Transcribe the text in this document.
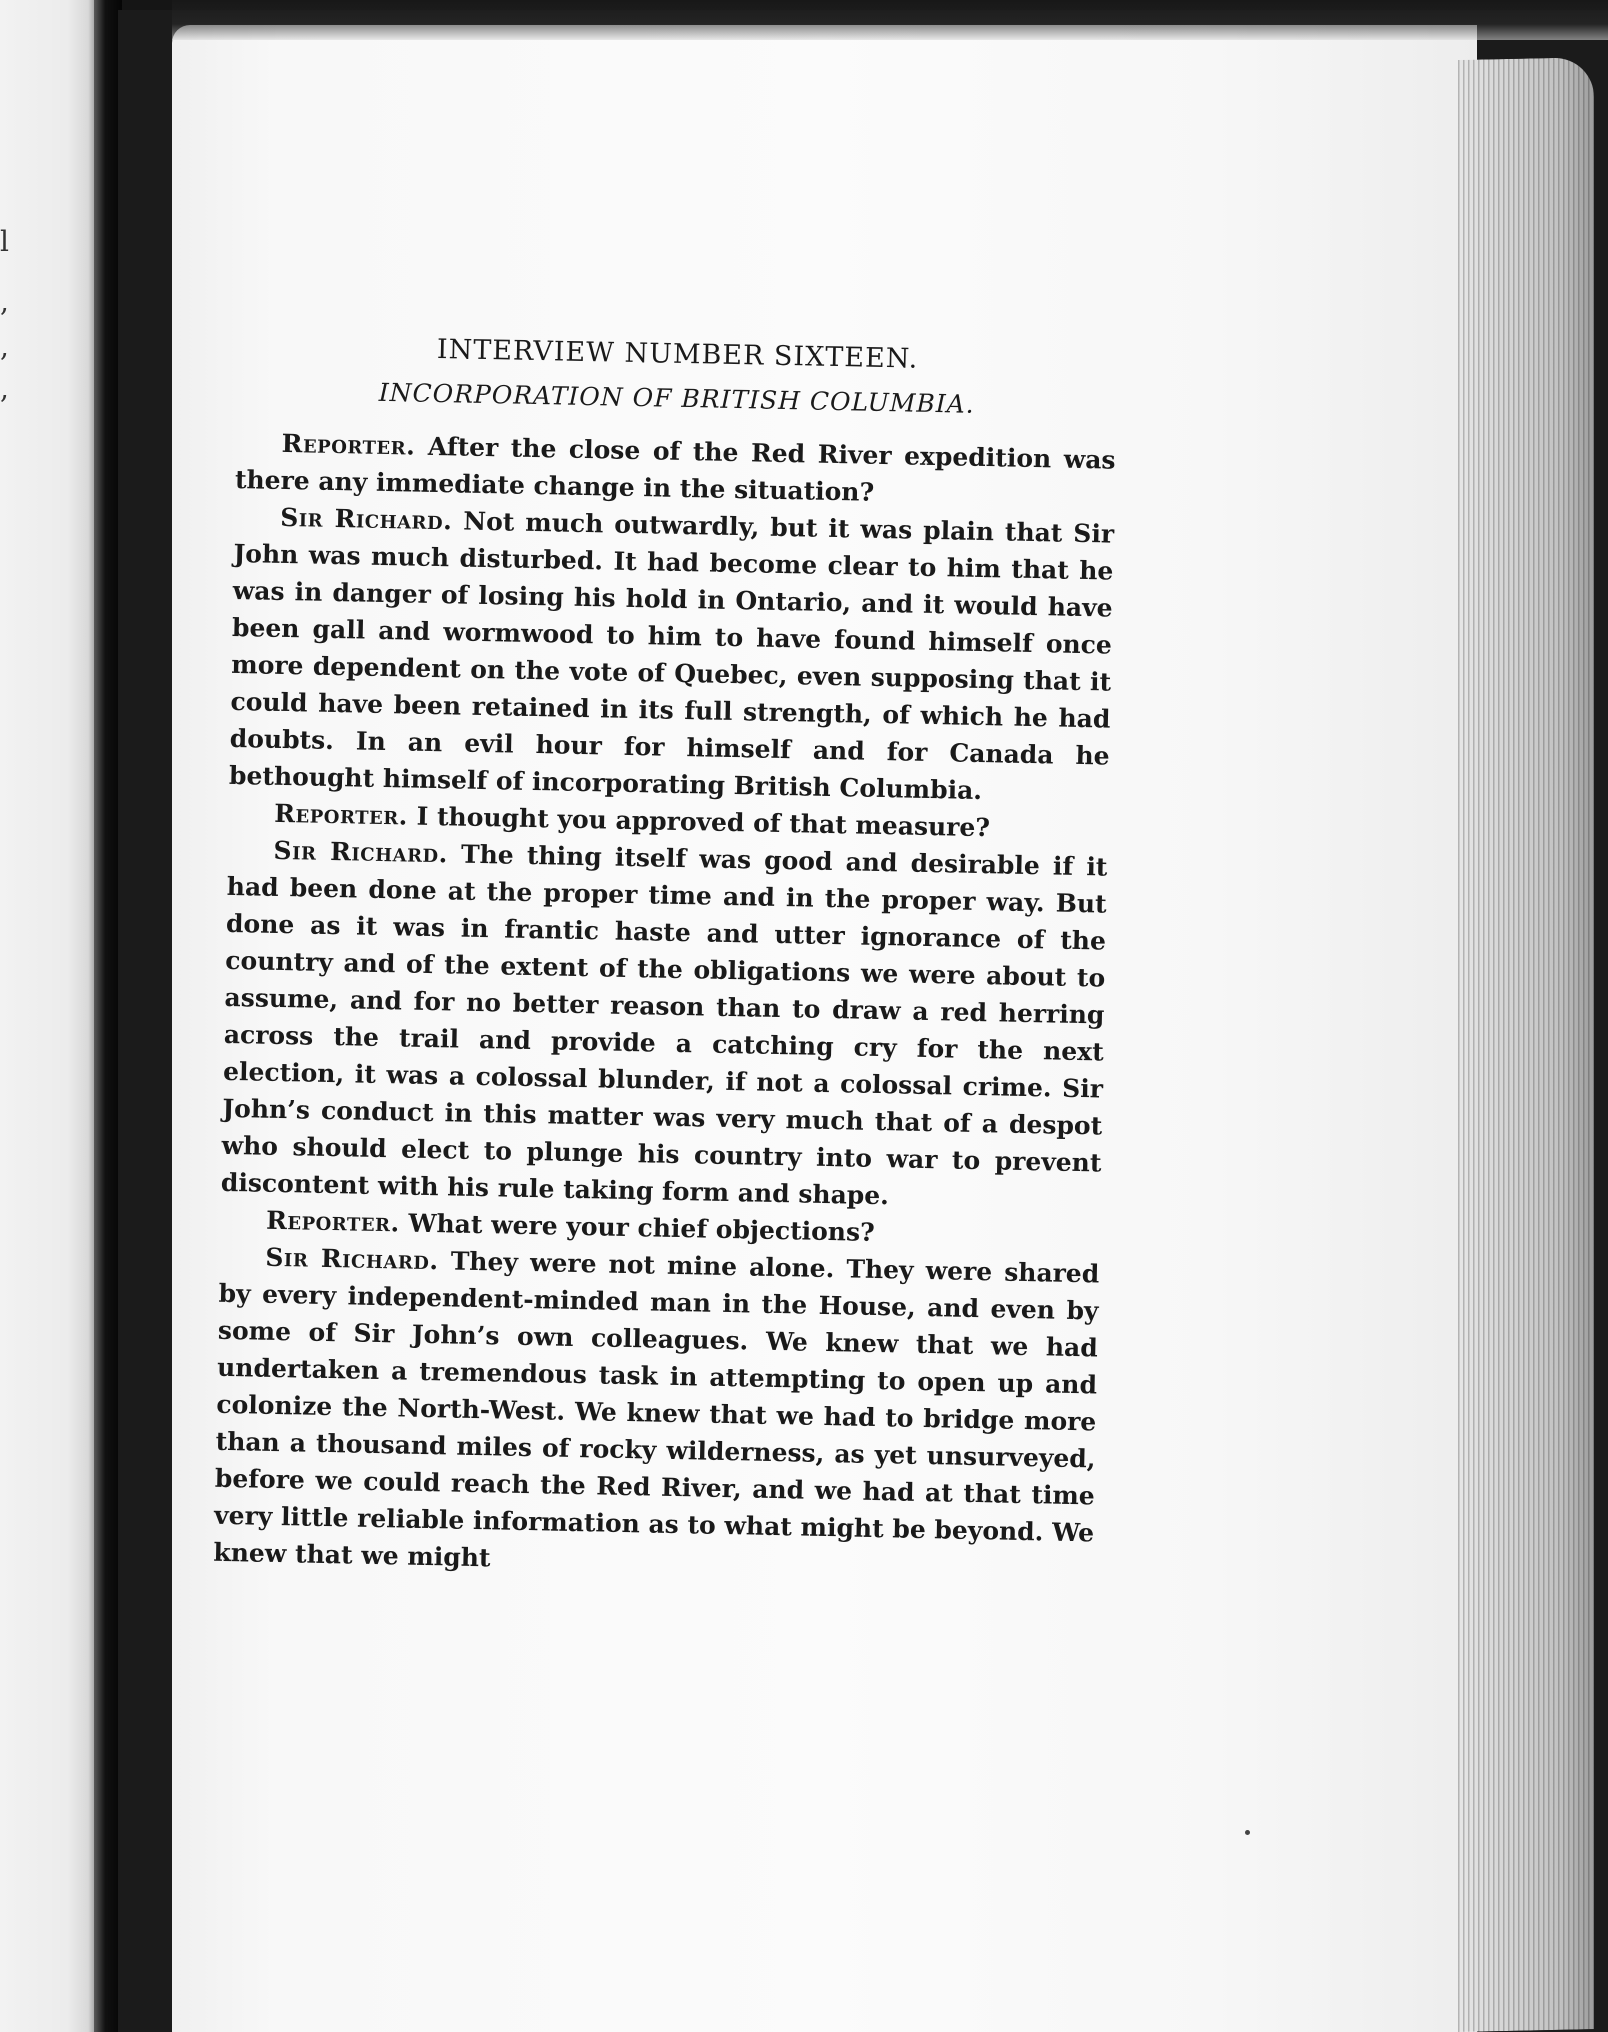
l
,
,
,
INTERVIEW NUMBER SIXTEEN.
INCORPORATION OF BRITISH COLUMBIA.

Reporter. After the close of the Red River expedition was there any immediate change in the situation?

Sir Richard. Not much outwardly, but it was plain that Sir John was much disturbed. It had become clear to him that he was in danger of losing his hold in Ontario, and it would have been gall and wormwood to him to have found himself once more dependent on the vote of Quebec, even supposing that it could have been retained in its full strength, of which he had doubts. In an evil hour for himself and for Canada he bethought himself of incorporating British Columbia.

Reporter. I thought you approved of that measure?

Sir Richard. The thing itself was good and desirable if it had been done at the proper time and in the proper way. But done as it was in frantic haste and utter ignorance of the country and of the extent of the obligations we were about to assume, and for no better reason than to draw a red herring across the trail and provide a catching cry for the next election, it was a colossal blunder, if not a colossal crime. Sir John’s conduct in this matter was very much that of a despot who should elect to plunge his country into war to prevent discontent with his rule taking form and shape.

Reporter. What were your chief objections?

Sir Richard. They were not mine alone. They were shared by every independent-minded man in the House, and even by some of Sir John’s own colleagues. We knew that we had undertaken a tremendous task in attempting to open up and colonize the North-West. We knew that we had to bridge more than a thousand miles of rocky wilderness, as yet unsurveyed, before we could reach the Red River, and we had at that time very little reliable information as to what might be beyond. We knew that we might
